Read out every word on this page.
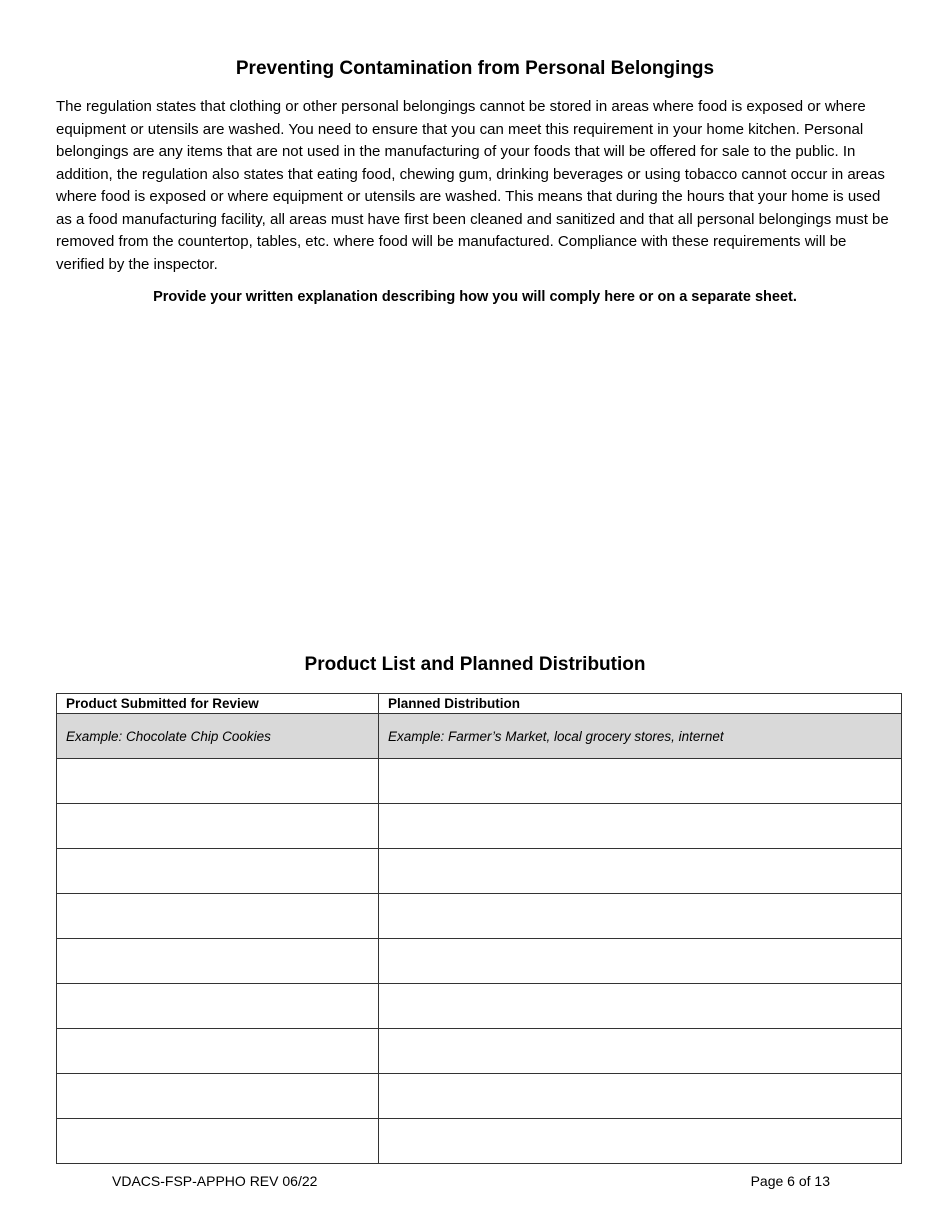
Preventing Contamination from Personal Belongings

The regulation states that clothing or other personal belongings cannot be stored in areas where food is exposed or where equipment or utensils are washed. You need to ensure that you can meet this requirement in your home kitchen. Personal belongings are any items that are not used in the manufacturing of your foods that will be offered for sale to the public. In addition, the regulation also states that eating food, chewing gum, drinking beverages or using tobacco cannot occur in areas where food is exposed or where equipment or utensils are washed. This means that during the hours that your home is used as a food manufacturing facility, all areas must have first been cleaned and sanitized and that all personal belongings must be removed from the countertop, tables, etc. where food will be manufactured. Compliance with these requirements will be verified by the inspector.

Provide your written explanation describing how you will comply here or on a separate sheet.

Product List and Planned Distribution
Product Submitted for Review	Planned Distribution
Example: Chocolate Chip Cookies	Example: Farmer’s Market, local grocery stores, internet

VDACS-FSP-APPHO REV 06/22	Page 6 of 13
